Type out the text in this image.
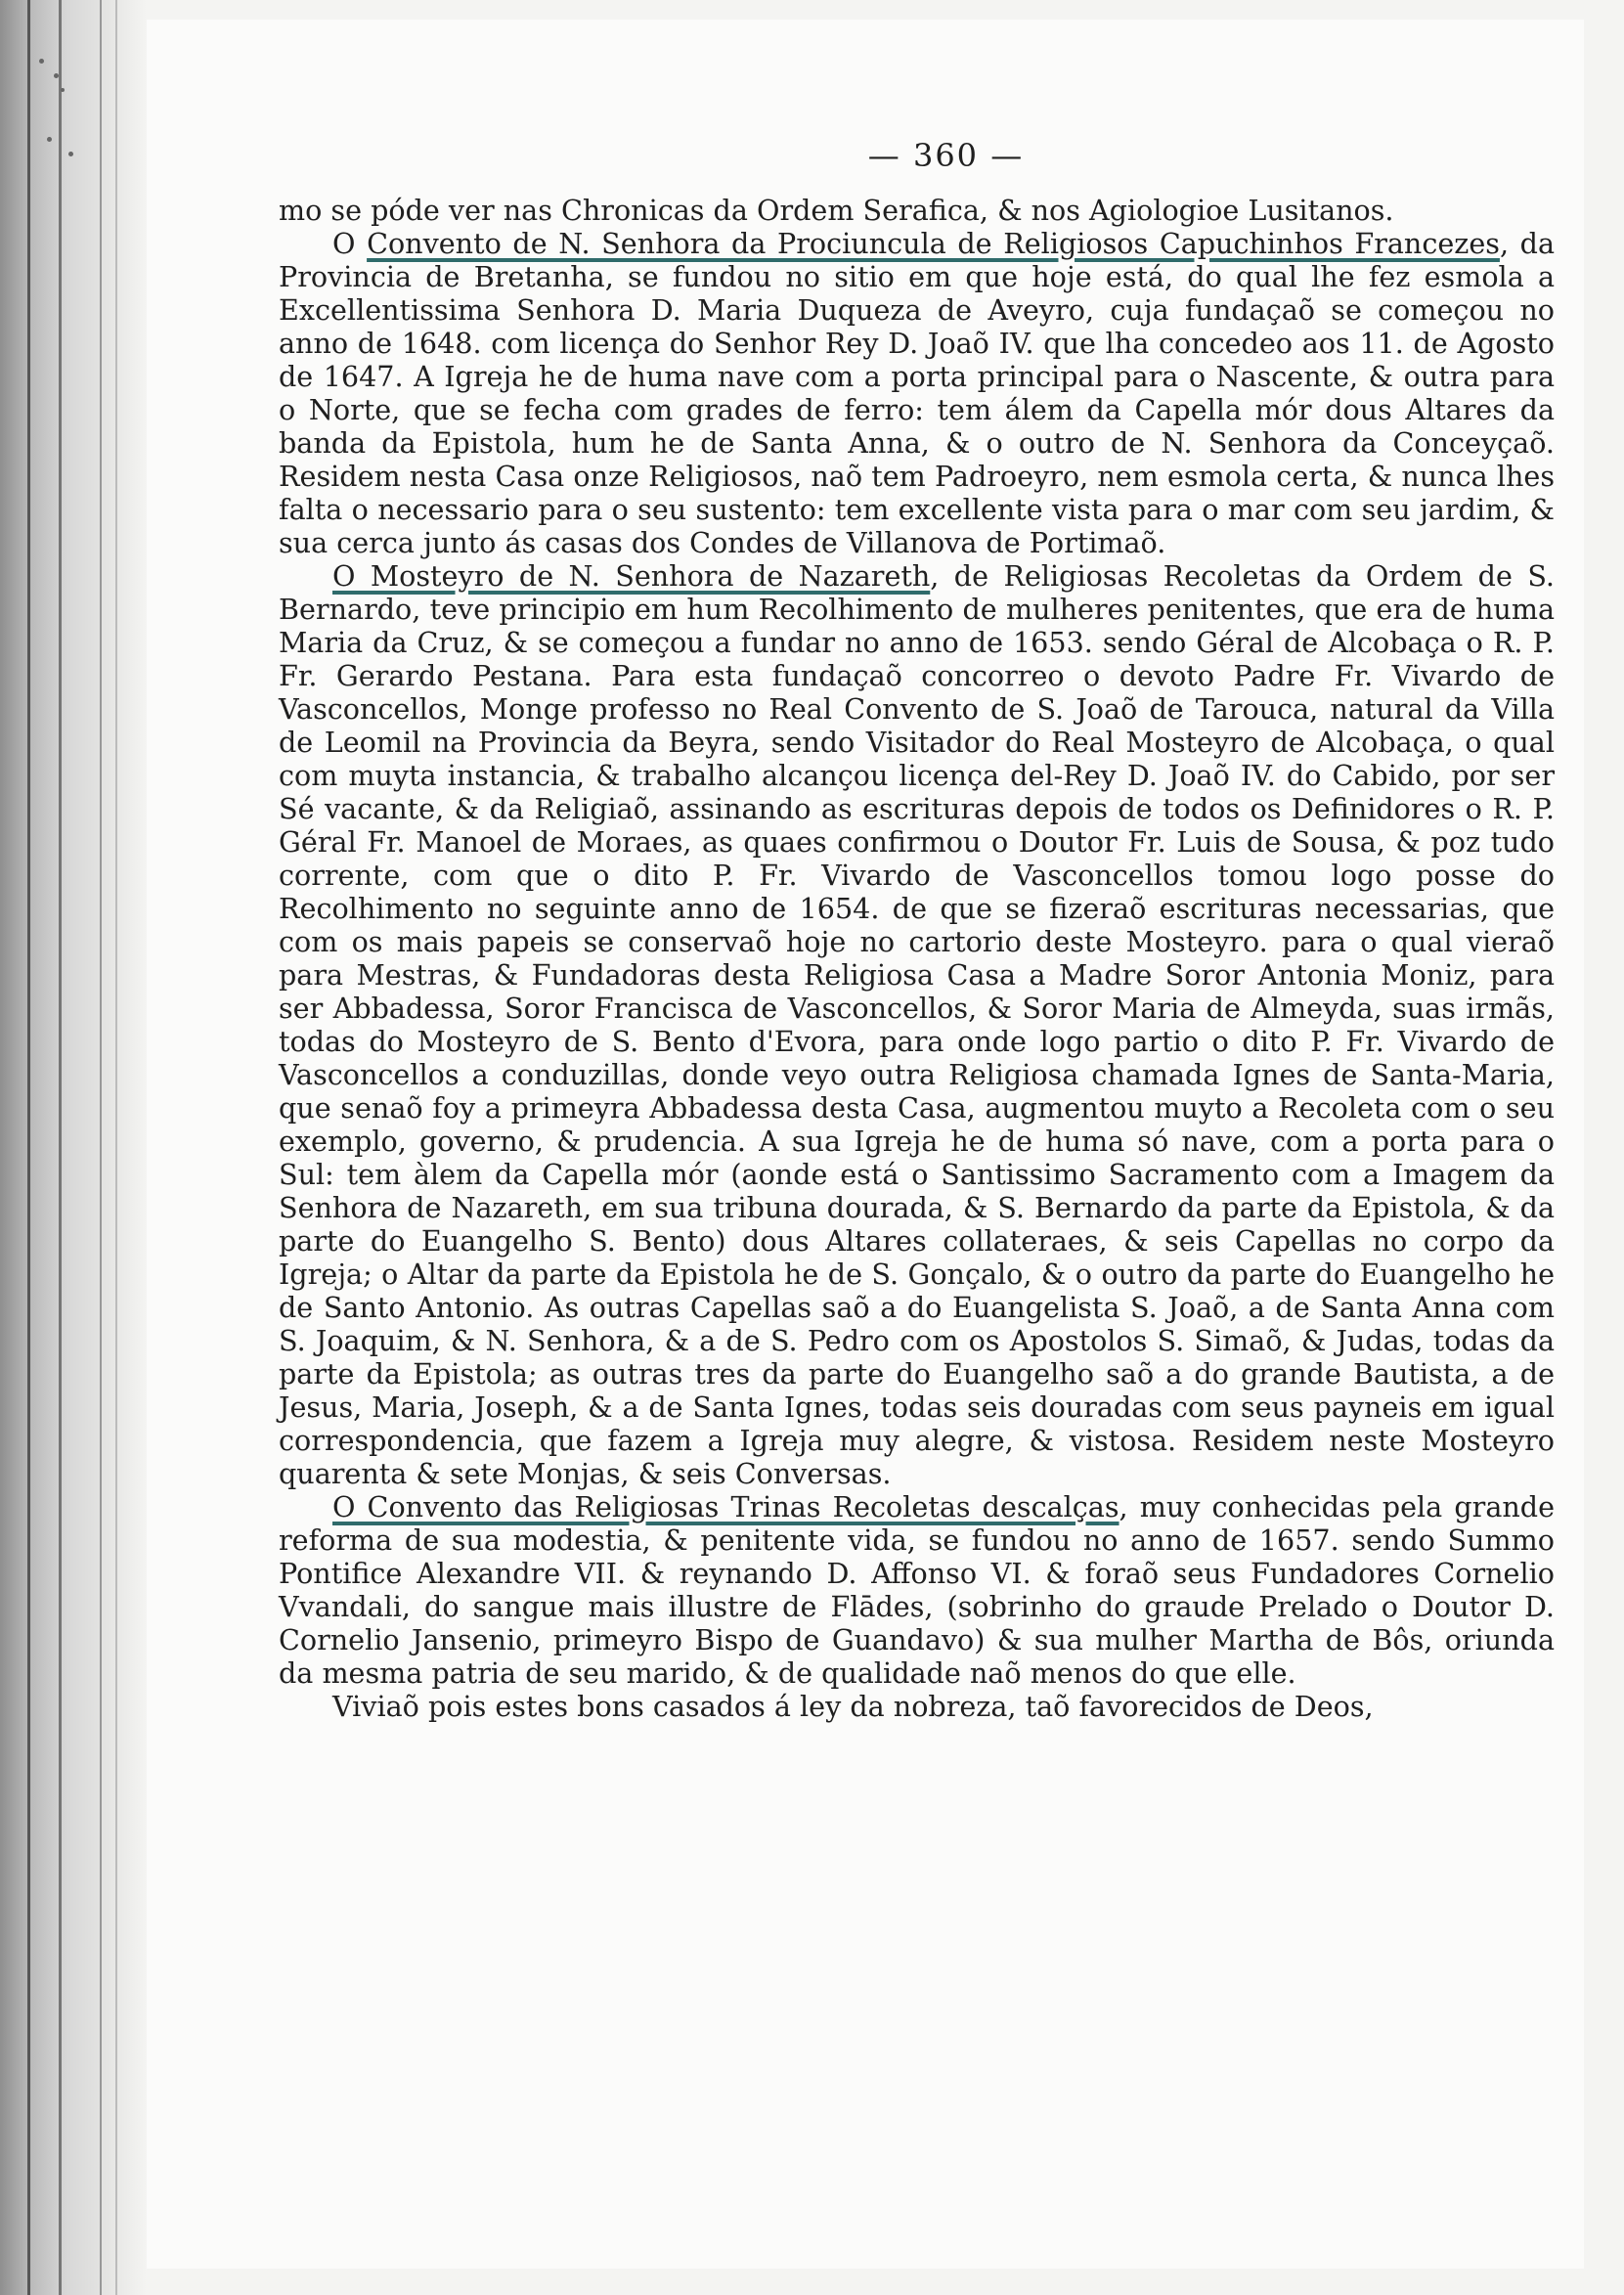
— 360 —

mo se póde ver nas Chronicas da Ordem Serafica, & nos Agiologioe Lusitanos.

O Convento de N. Senhora da Prociuncula de Religiosos Capuchinhos Francezes, da Provincia de Bretanha, se fundou no sitio em que hoje está, do qual lhe fez esmola a Excellentissima Senhora D. Maria Duqueza de Aveyro, cuja fundaçaõ se começou no anno de 1648. com licença do Senhor Rey D. Joaõ IV. que lha concedeo aos 11. de Agosto de 1647. A Igreja he de huma nave com a porta principal para o Nascente, & outra para o Norte, que se fecha com grades de ferro: tem álem da Capella mór dous Altares da banda da Epistola, hum he de Santa Anna, & o outro de N. Senhora da Conceyçaõ. Residem nesta Casa onze Religiosos, naõ tem Padroeyro, nem esmola certa, & nunca lhes falta o necessario para o seu sustento: tem excellente vista para o mar com seu jardim, & sua cerca junto ás casas dos Condes de Villanova de Portimaõ.

O Mosteyro de N. Senhora de Nazareth, de Religiosas Recoletas da Ordem de S. Bernardo, teve principio em hum Recolhimento de mulheres penitentes, que era de huma Maria da Cruz, & se começou a fundar no anno de 1653. sendo Géral de Alcobaça o R. P. Fr. Gerardo Pestana. Para esta fundaçaõ concorreo o devoto Padre Fr. Vivardo de Vasconcellos, Monge professo no Real Convento de S. Joaõ de Tarouca, natural da Villa de Leomil na Provincia da Beyra, sendo Visitador do Real Mosteyro de Alcobaça, o qual com muyta instancia, & trabalho alcançou licença del-Rey D. Joaõ IV. do Cabido, por ser Sé vacante, & da Religiaõ, assinando as escrituras depois de todos os Definidores o R. P. Géral Fr. Manoel de Moraes, as quaes confirmou o Doutor Fr. Luis de Sousa, & poz tudo corrente, com que o dito P. Fr. Vivardo de Vasconcellos tomou logo posse do Recolhimento no seguinte anno de 1654. de que se fizeraõ escrituras necessarias, que com os mais papeis se conservaõ hoje no cartorio deste Mosteyro. para o qual vieraõ para Mestras, & Fundadoras desta Religiosa Casa a Madre Soror Antonia Moniz, para ser Abbadessa, Soror Francisca de Vasconcellos, & Soror Maria de Almeyda, suas irmãs, todas do Mosteyro de S. Bento d'Evora, para onde logo partio o dito P. Fr. Vivardo de Vasconcellos a conduzillas, donde veyo outra Religiosa chamada Ignes de Santa-Maria, que senaõ foy a primeyra Abbadessa desta Casa, augmentou muyto a Recoleta com o seu exemplo, governo, & prudencia. A sua Igreja he de huma só nave, com a porta para o Sul: tem àlem da Capella mór (aonde está o Santissimo Sacramento com a Imagem da Senhora de Nazareth, em sua tribuna dourada, & S. Bernardo da parte da Epistola, & da parte do Euangelho S. Bento) dous Altares collateraes, & seis Capellas no corpo da Igreja; o Altar da parte da Epistola he de S. Gonçalo, & o outro da parte do Euangelho he de Santo Antonio. As outras Capellas saõ a do Euangelista S. Joaõ, a de Santa Anna com S. Joaquim, & N. Senhora, & a de S. Pedro com os Apostolos S. Simaõ, & Judas, todas da parte da Epistola; as outras tres da parte do Euangelho saõ a do grande Bautista, a de Jesus, Maria, Joseph, & a de Santa Ignes, todas seis douradas com seus payneis em igual correspondencia, que fazem a Igreja muy alegre, & vistosa. Residem neste Mosteyro quarenta & sete Monjas, & seis Conversas.

O Convento das Religiosas Trinas Recoletas descalças, muy conhecidas pela grande reforma de sua modestia, & penitente vida, se fundou no anno de 1657. sendo Summo Pontifice Alexandre VII. & reynando D. Affonso VI. & foraõ seus Fundadores Cornelio Vvandali, do sangue mais illustre de Flādes, (sobrinho do graude Prelado o Doutor D. Cornelio Jansenio, primeyro Bispo de Guandavo) & sua mulher Martha de Bôs, oriunda da mesma patria de seu marido, & de qualidade naõ menos do que elle.

Viviaõ pois estes bons casados á ley da nobreza, taõ favorecidos de Deos,
